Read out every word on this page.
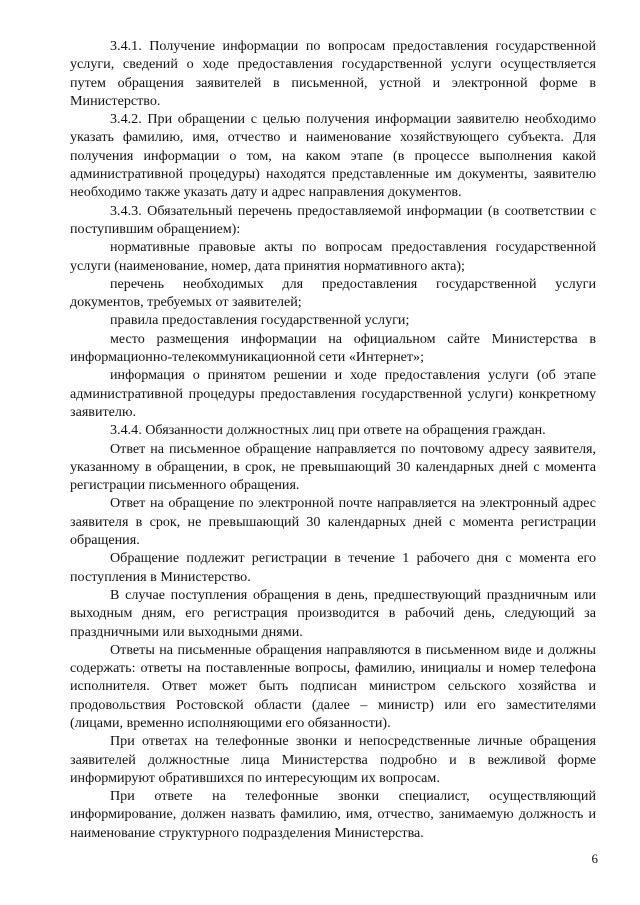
3.4.1. Получение информации по вопросам предоставления государственной услуги, сведений о ходе предоставления государственной услуги осуществляется путем обращения заявителей в письменной, устной и электронной форме в Министерство.

3.4.2. При обращении с целью получения информации заявителю необходимо указать фамилию, имя, отчество и наименование хозяйствующего субъекта. Для получения информации о том, на каком этапе (в процессе выполнения какой административной процедуры) находятся представленные им документы, заявителю необходимо также указать дату и адрес направления документов.

3.4.3. Обязательный перечень предоставляемой информации (в соответствии с поступившим обращением):

нормативные правовые акты по вопросам предоставления государственной услуги (наименование, номер, дата принятия нормативного акта);

перечень необходимых для предоставления государственной услуги документов, требуемых от заявителей;

правила предоставления государственной услуги;

место размещения информации на официальном сайте Министерства в информационно-телекоммуникационной сети «Интернет»;

информация о принятом решении и ходе предоставления услуги (об этапе административной процедуры предоставления государственной услуги) конкретному заявителю.

3.4.4. Обязанности должностных лиц при ответе на обращения граждан.

Ответ на письменное обращение направляется по почтовому адресу заявителя, указанному в обращении, в срок, не превышающий 30 календарных дней с момента регистрации письменного обращения.

Ответ на обращение по электронной почте направляется на электронный адрес заявителя в срок, не превышающий 30 календарных дней с момента регистрации обращения.

Обращение подлежит регистрации в течение 1 рабочего дня с момента его поступления в Министерство.

В случае поступления обращения в день, предшествующий праздничным или выходным дням, его регистрация производится в рабочий день, следующий за праздничными или выходными днями.

Ответы на письменные обращения направляются в письменном виде и должны содержать: ответы на поставленные вопросы, фамилию, инициалы и номер телефона исполнителя. Ответ может быть подписан министром сельского хозяйства и продовольствия Ростовской области (далее – министр) или его заместителями (лицами, временно исполняющими его обязанности).

При ответах на телефонные звонки и непосредственные личные обращения заявителей должностные лица Министерства подробно и в вежливой форме информируют обратившихся по интересующим их вопросам.

При ответе на телефонные звонки специалист, осуществляющий информирование, должен назвать фамилию, имя, отчество, занимаемую должность и наименование структурного подразделения Министерства.

6
